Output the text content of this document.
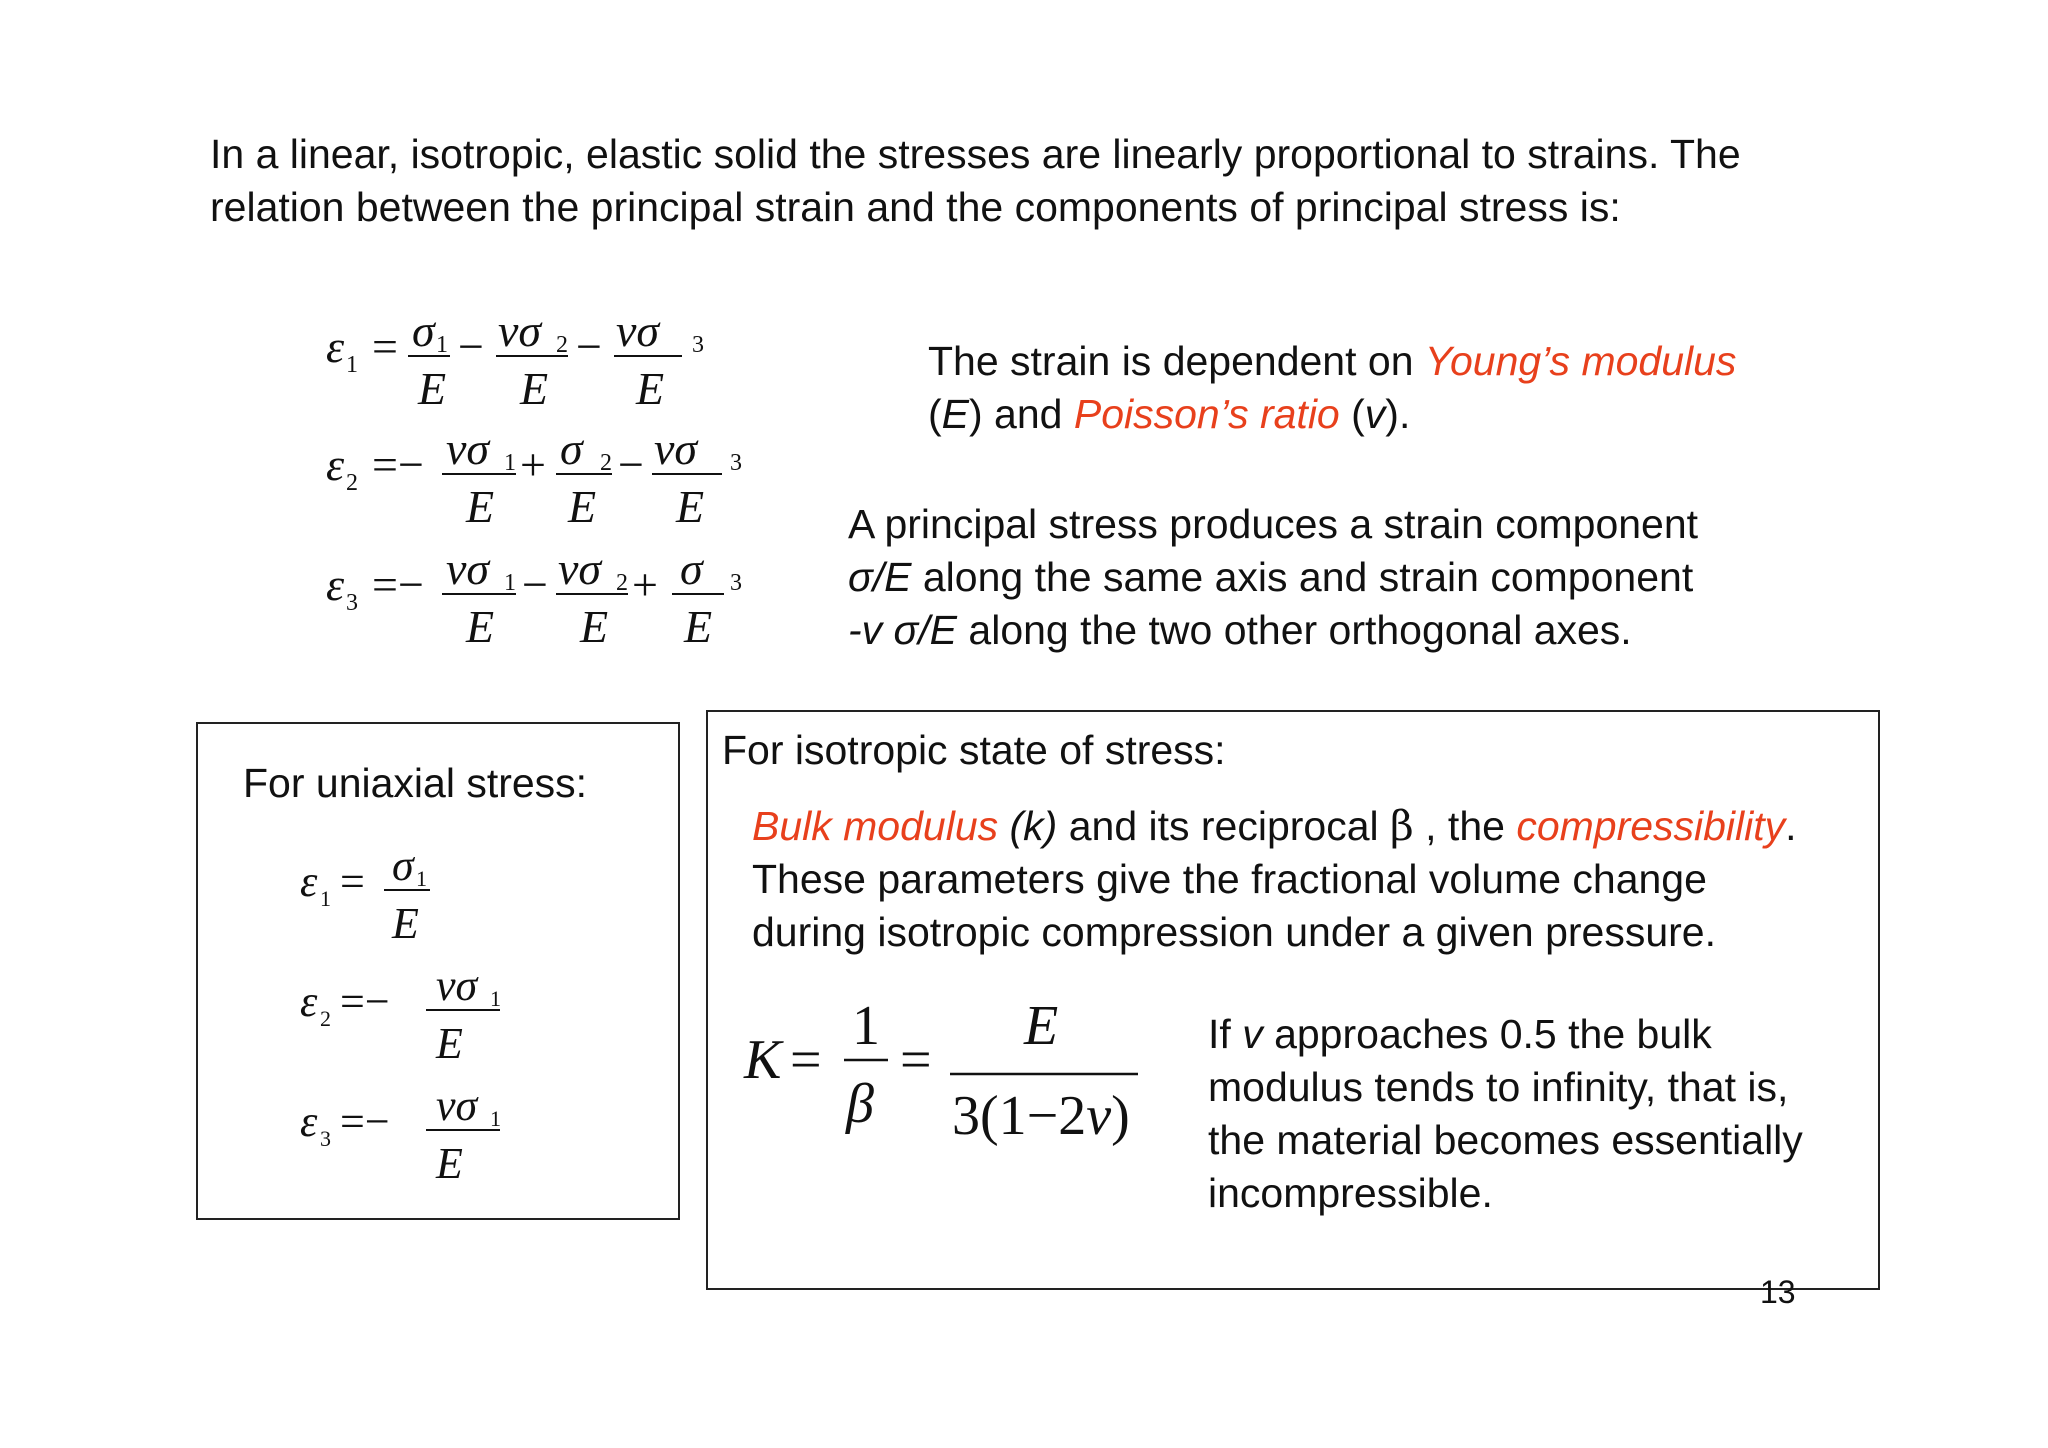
In a linear, isotropic, elastic solid the stresses are linearly proportional to strains. The
relation between the principal strain and the components of principal stress is:

ε 1 = σ 1
E
− νσ 2
E
− νσ 3
E
ε 2 =− νσ 1
E
+ σ 2
E
− νσ 3
E
ε 3 =− νσ 1
E
− νσ 2
E
+ σ 3
E

The strain is dependent on Young’s modulus
(E) and Poisson’s ratio (v).

A principal stress produces a strain component
σ/E along the same axis and strain component
-v σ/E along the two other orthogonal axes.

For uniaxial stress:

ε 1 = σ 1
E
ε 2 =− νσ 1
E
ε 3 =− νσ 1
E

For isotropic state of stress:

Bulk modulus (k) and its reciprocal β , the compressibility.
These parameters give the fractional volume change
during isotropic compression under a given pressure.

K =
1
β
=
E
3(1−2ν)

If v approaches 0.5 the bulk
modulus tends to infinity, that is,
the material becomes essentially
incompressible.

13
